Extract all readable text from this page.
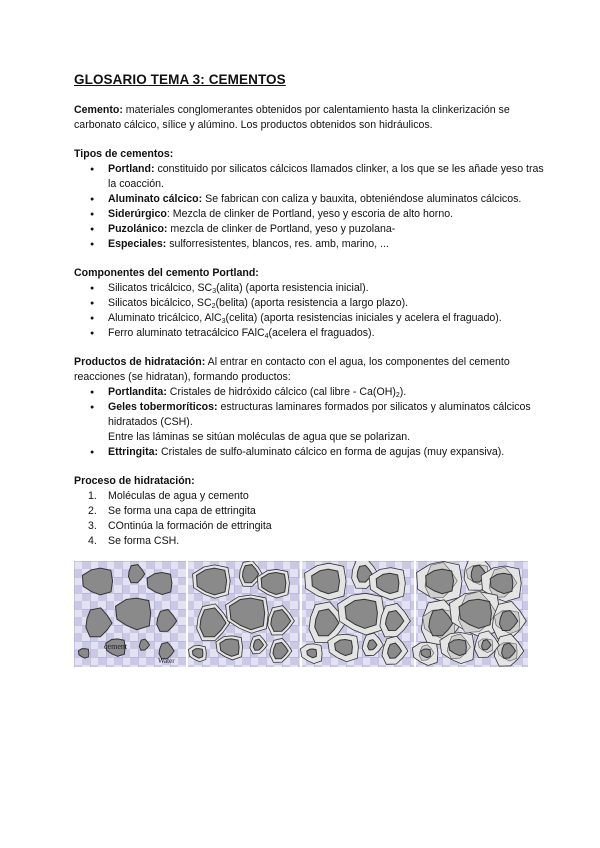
GLOSARIO TEMA 3: CEMENTOS

Cemento: materiales conglomerantes obtenidos por calentamiento hasta la clinkerización se carbonato cálcico, sílice y alúmino. Los productos obtenidos son hidráulicos.

Tipos de cementos:
● Portland: constituido por silicatos cálcicos llamados clinker, a los que se les añade yeso tras la coacción.
● Aluminato cálcico: Se fabrican con caliza y bauxita, obteniéndose aluminatos cálcicos.
● Siderúrgico: Mezcla de clinker de Portland, yeso y escoria de alto horno.
● Puzolánico: mezcla de clinker de Portland, yeso y puzolana-
● Especiales: sulforresistentes, blancos, res. amb, marino, ...
Componentes del cemento Portland:
● Silicatos tricálcico, $SC_3(alita)$ (aporta resistencia inicial).
● Silicatos bicálcico, $SC_2(belita)$ (aporta resistencia a largo plazo).
● Aluminato tricálcico, AlC$_3$(celita) (aporta resistencias iniciales y acelera el fraguado).
● Ferro aluminato tetracálcico FAlC$_4$(acelera el fraguados).

Productos de hidratación: Al entrar en contacto con el agua, los componentes del cemento reacciones (se hidratan), formando productos:

● Portlandita: Cristales de hidróxido cálcico (cal libre - $Ca(OH)_2$).
● Geles tobermoríticos: estructuras laminares formados por silicatos y aluminatos cálcicos hidratados (CSH).
Entre las láminas se sitúan moléculas de agua que se polarizan.
● Ettringita: Cristales de sulfo-aluminato cálcico en forma de agujas (muy expansiva).
Proceso de hidratación:
1. Moléculas de agua y cemento
2. Se forma una capa de ettringita
3. COntinúa la formación de ettringita
4. Se forma CSH.
cement
Water
